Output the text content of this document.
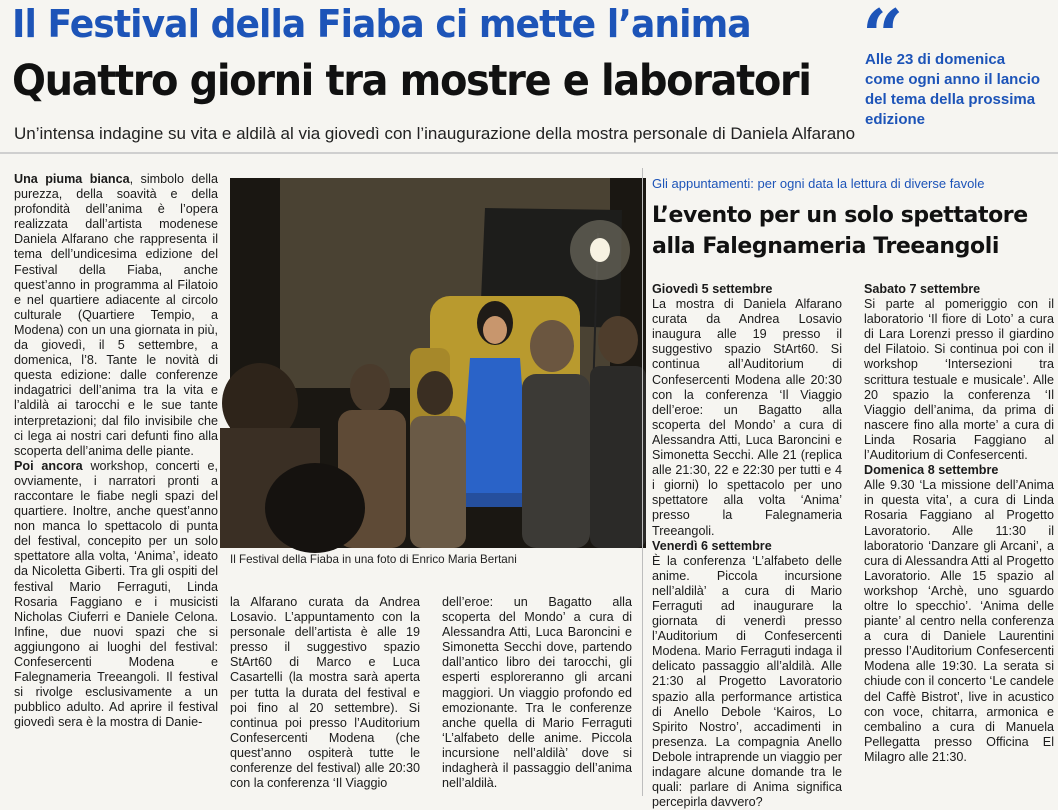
Il Festival della Fiaba ci mette l’anima
Quattro giorni tra mostre e laboratori
Un’intensa indagine su vita e aldilà al via giovedì con l’inaugurazione della mostra personale di Daniela Alfarano
“
Alle 23 di domenica come ogni anno il lancio del tema della prossima edizione

Una piuma bianca, simbolo della purezza, della soavità e della profondità dell’anima è l’opera realizzata dall’artista modenese Daniela Alfarano che rappresenta il tema dell’undicesima edizione del Festival della Fiaba, anche quest’anno in programma al Filatoio e nel quartiere adiacente al circolo culturale (Quartiere Tempio, a Modena) con un una giornata in più, da giovedì, il 5 settembre, a domenica, l’8. Tante le novità di questa edizione: dalle conferenze indagatrici dell’anima tra la vita e l’aldilà ai tarocchi e le sue tante interpretazioni; dal filo invisibile che ci lega ai nostri cari defunti fino alla scoperta dell’anima delle piante.

Poi ancora workshop, concerti e, ovviamente, i narratori pronti a raccontare le fiabe negli spazi del quartiere. Inoltre, anche quest’anno non manca lo spettacolo di punta del festival, concepito per un solo spettatore alla volta, ‘Anima’, ideato da Nicoletta Giberti. Tra gli ospiti del festival Mario Ferraguti, Linda Rosaria Faggiano e i musicisti Nicholas Ciuferri e Daniele Celona. Infine, due nuovi spazi che si aggiungono ai luoghi del festival: Confesercenti Modena e Falegnameria Treeangoli. Il festival si rivolge esclusivamente a un pubblico adulto. Ad aprire il festival giovedì sera è la mostra di Danie-

Il Festival della Fiaba in una foto di Enrico Maria Bertani

la Alfarano curata da Andrea Losavio. L’appuntamento con la personale dell’artista è alle 19 presso il suggestivo spazio StArt60 di Marco e Luca Casartelli (la mostra sarà aperta per tutta la durata del festival e poi fino al 20 settembre). Si continua poi presso l’Auditorium Confesercenti Modena (che quest’anno ospiterà tutte le conferenze del festival) alle 20:30 con la conferenza ‘Il Viaggio

dell’eroe: un Bagatto alla scoperta del Mondo’ a cura di Alessandra Atti, Luca Baroncini e Simonetta Secchi dove, partendo dall’antico libro dei tarocchi, gli esperti esploreranno gli arcani maggiori. Un viaggio profondo ed emozionante. Tra le conferenze anche quella di Mario Ferraguti ‘L’alfabeto delle anime. Piccola incursione nell’aldilà’ dove si indagherà il passaggio dell’anima nell’aldilà.

Gli appuntamenti: per ogni data la lettura di diverse favole
L’evento per un solo spettatore alla Falegnameria Treeangoli

Giovedì 5 settembre
La mostra di Daniela Alfarano curata da Andrea Losavio inaugura alle 19 presso il suggestivo spazio StArt60. Si continua all’Auditorium di Confesercenti Modena alle 20:30 con la conferenza ‘Il Viaggio dell’eroe: un Bagatto alla scoperta del Mondo’ a cura di Alessandra Atti, Luca Baroncini e Simonetta Secchi. Alle 21 (replica alle 21:30, 22 e 22:30 per tutti e 4 i giorni) lo spettacolo per uno spettatore alla volta ‘Anima’ presso la Falegnameria Treeangoli.

Venerdì 6 settembre
È la conferenza ‘L’alfabeto delle anime. Piccola incursione nell’aldilà’ a cura di Mario Ferraguti ad inaugurare la giornata di venerdì presso l’Auditorium di Confesercenti Modena. Mario Ferraguti indaga il delicato passaggio all’aldilà. Alle 21:30 al Progetto Lavoratorio spazio alla performance artistica di Anello Debole ‘Kairos, Lo Spirito Nostro’, accadimenti in presenza. La compagnia Anello Debole intraprende un viaggio per indagare alcune domande tra le quali: parlare di Anima significa percepirla davvero?

Sabato 7 settembre
Si parte al pomeriggio con il laboratorio ‘Il fiore di Loto’ a cura di Lara Lorenzi presso il giardino del Filatoio. Si continua poi con il workshop ‘Intersezioni tra scrittura testuale e musicale’. Alle 20 spazio la conferenza ‘Il Viaggio dell’anima, da prima di nascere fino alla morte’ a cura di Linda Rosaria Faggiano al l’Auditorium di Confesercenti.

Domenica 8 settembre
Alle 9.30 ‘La missione dell’Anima in questa vita’, a cura di Linda Rosaria Faggiano al Progetto Lavoratorio. Alle 11:30 il laboratorio ‘Danzare gli Arcani’, a cura di Alessandra Atti al Progetto Lavoratorio. Alle 15 spazio al workshop ‘Archè, uno sguardo oltre lo specchio’. ‘Anima delle piante’ al centro nella conferenza a cura di Daniele Laurentini presso l’Auditorium Confesercenti Modena alle 19:30. La serata si chiude con il concerto ‘Le candele del Caffè Bistrot’, live in acustico con voce, chitarra, armonica e cembalino a cura di Manuela Pellegatta presso Officina El Milagro alle 21:30.
